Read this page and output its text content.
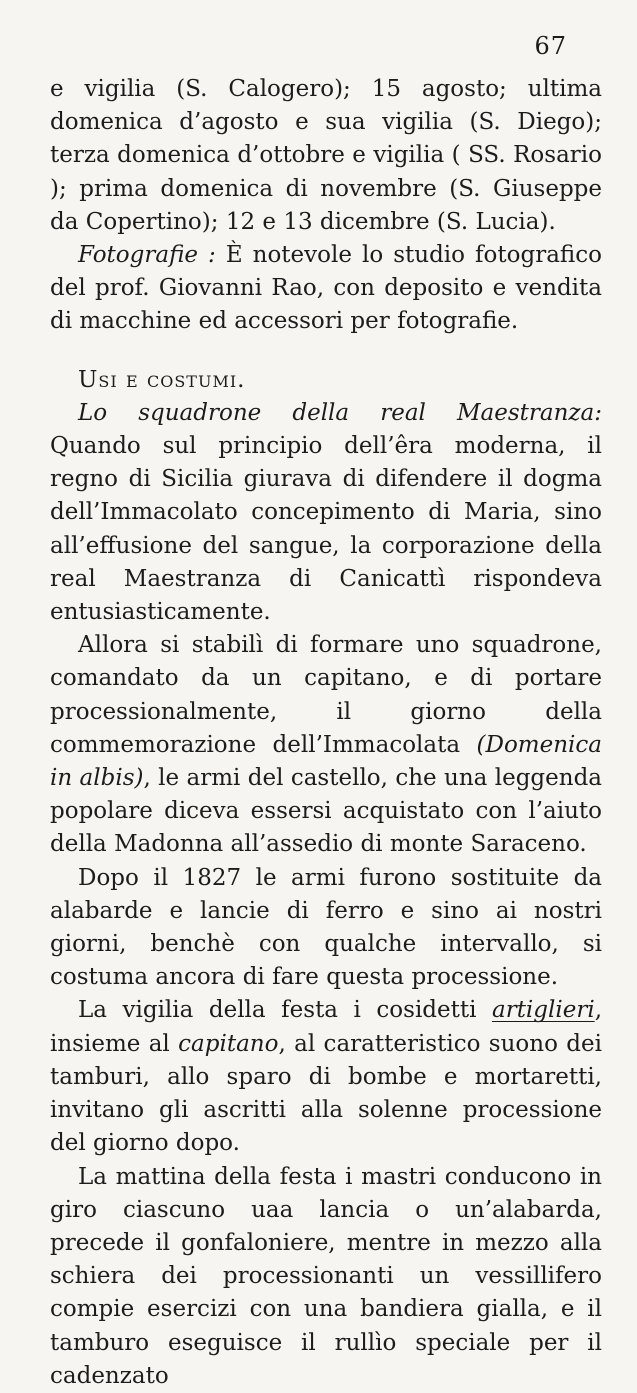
67

e vigilia (S. Calogero); 15 agosto; ultima domenica d’agosto e sua vigilia (S. Diego); terza domenica d’ottobre e vigilia ( SS. Rosario ); prima domenica di novembre (S. Giuseppe da Copertino); 12 e 13 dicembre (S. Lucia).

Fotografie : È notevole lo studio fotografico del prof. Giovanni Rao, con deposito e vendita di macchine ed accessori per fotografie.

Usi e costumi.

Lo squadrone della real Maestranza: Quando sul principio dell’êra moderna, il regno di Sicilia giurava di difendere il dogma dell’Immacolato concepimento di Maria, sino all’effusione del sangue, la corporazione della real Maestranza di Canicattì rispondeva entusiasticamente.

Allora si stabilì di formare uno squadrone, comandato da un capitano, e di portare processionalmente, il giorno della commemorazione dell’Immacolata (Domenica in albis), le armi del castello, che una leggenda popolare diceva essersi acquistato con l’aiuto della Madonna all’assedio di monte Saraceno.

Dopo il 1827 le armi furono sostituite da alabarde e lancie di ferro e sino ai nostri giorni, benchè con qualche intervallo, si costuma ancora di fare questa processione.

La vigilia della festa i cosidetti artiglieri, insieme al capitano, al caratteristico suono dei tamburi, allo sparo di bombe e mortaretti, invitano gli ascritti alla solenne processione del giorno dopo.

La mattina della festa i mastri conducono in giro ciascuno uaa lancia o un’alabarda, precede il gonfaloniere, mentre in mezzo alla schiera dei processionanti un vessillifero compie esercizi con una bandiera gialla, e il tamburo eseguisce il rullìo speciale per il cadenzato
